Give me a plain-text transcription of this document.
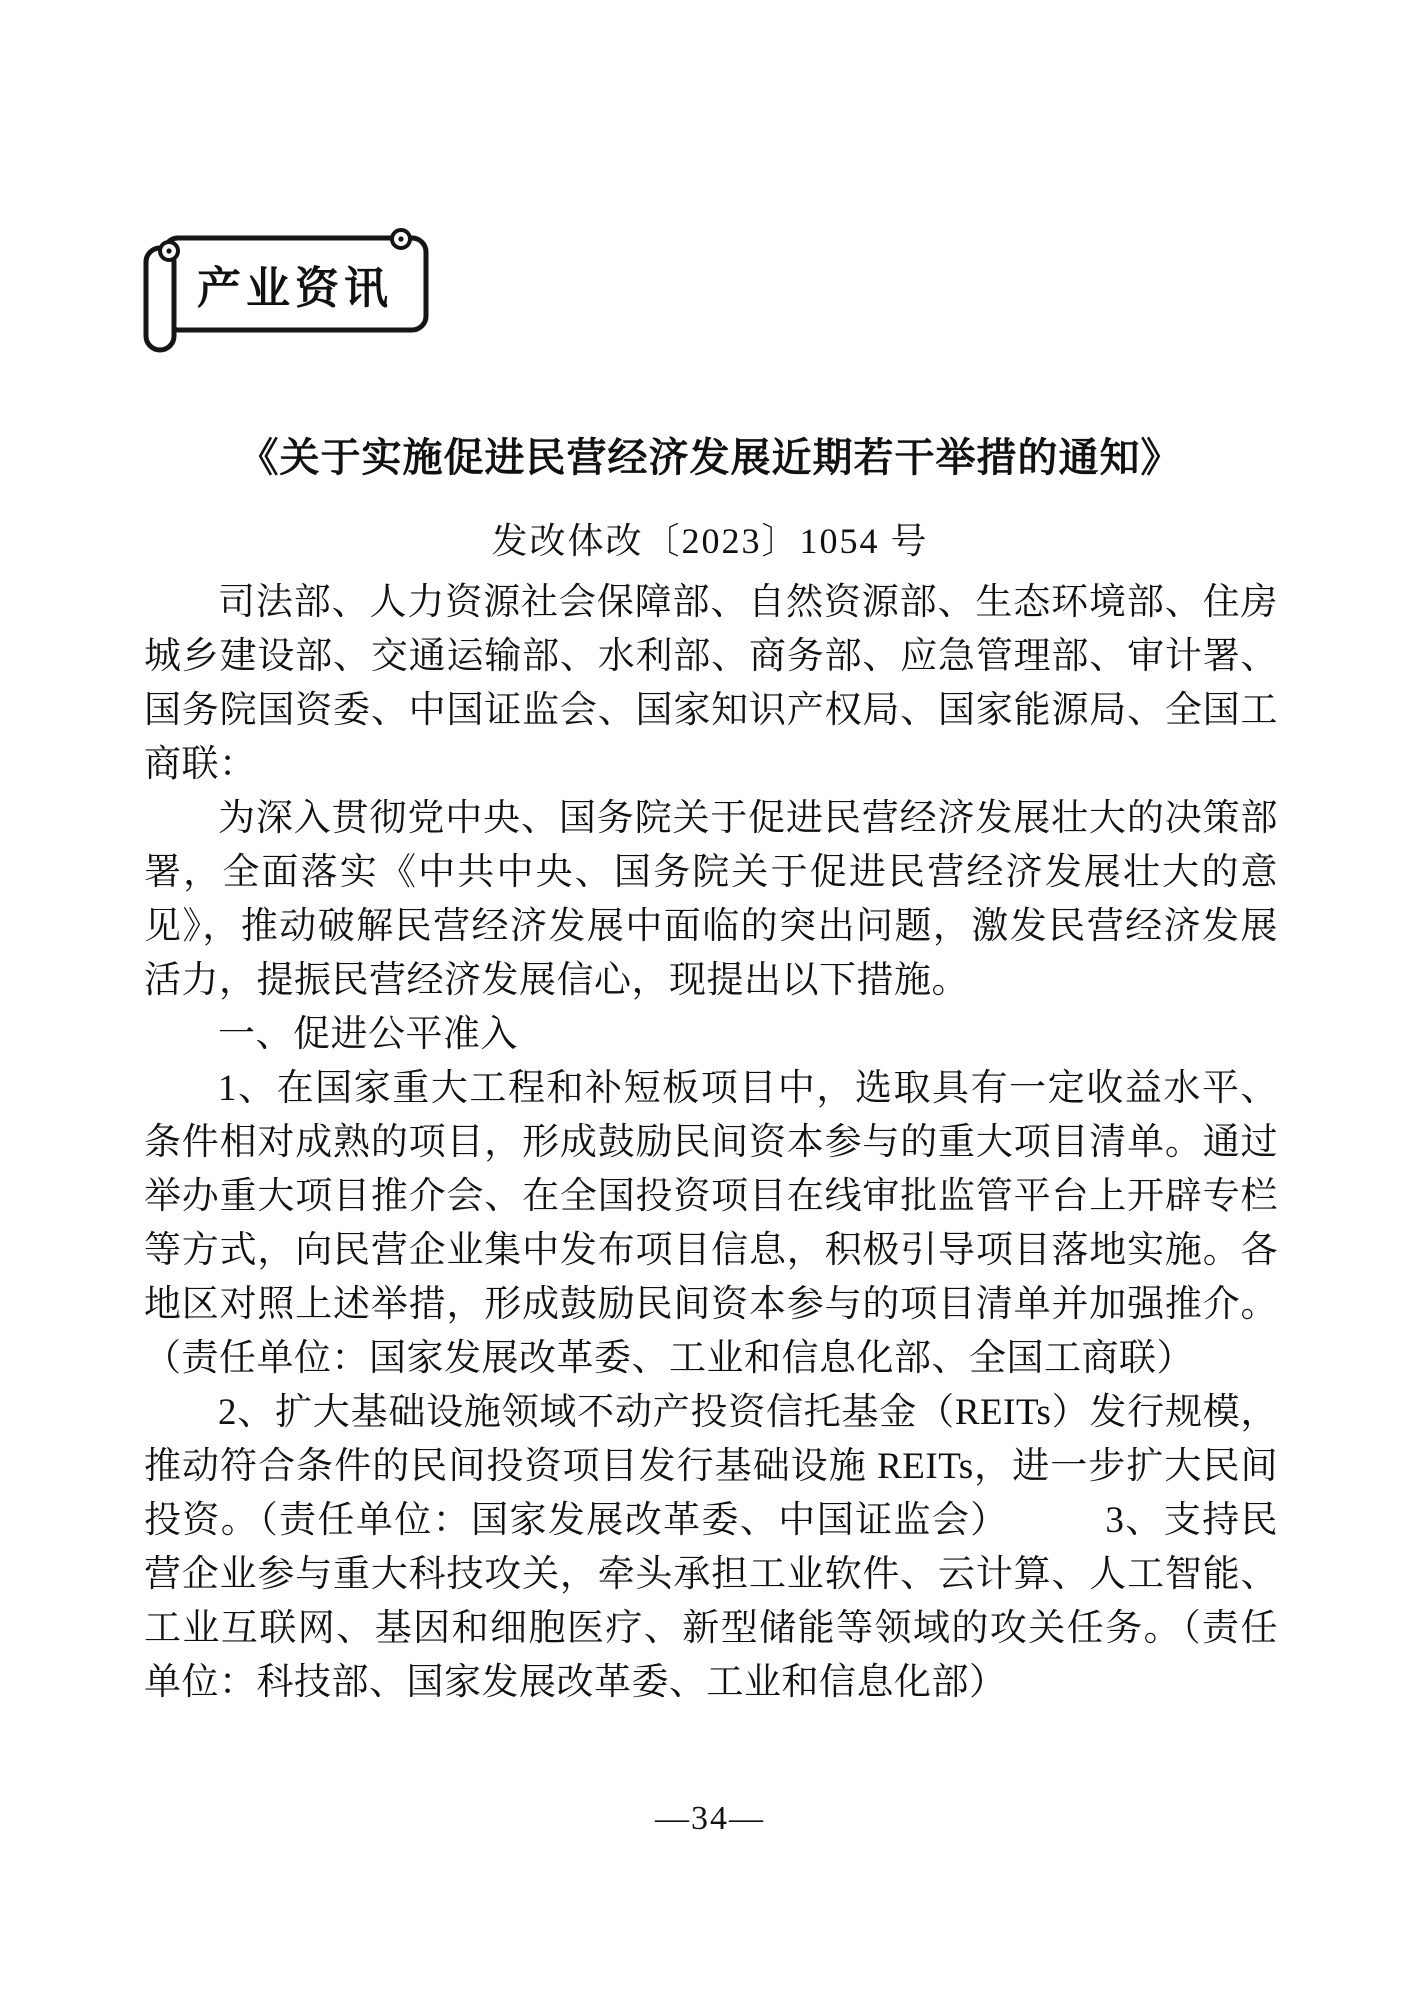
产业资讯
《关于实施促进民营经济发展近期若干举措的通知》
发改体改〔2023〕1054 号

司法部、人力资源社会保障部、自然资源部、生态环境部、住房城乡建设部、交通运输部、水利部、商务部、应急管理部、审计署、国务院国资委、中国证监会、国家知识产权局、国家能源局、全国工商联：

为深入贯彻党中央、国务院关于促进民营经济发展壮大的决策部署，全面落实《中共中央、国务院关于促进民营经济发展壮大的意见》，推动破解民营经济发展中面临的突出问题，激发民营经济发展活力，提振民营经济发展信心，现提出以下措施。

一、促进公平准入

1、在国家重大工程和补短板项目中，选取具有一定收益水平、条件相对成熟的项目，形成鼓励民间资本参与的重大项目清单。通过举办重大项目推介会、在全国投资项目在线审批监管平台上开辟专栏等方式，向民营企业集中发布项目信息，积极引导项目落地实施。各地区对照上述举措，形成鼓励民间资本参与的项目清单并加强推介。（责任单位：国家发展改革委、工业和信息化部、全国工商联）

2、扩大基础设施领域不动产投资信托基金（REITs）发行规模，推动符合条件的民间投资项目发行基础设施 REITs，进一步扩大民间投资。（责任单位：国家发展改革委、中国证监会）　　　3、支持民营企业参与重大科技攻关，牵头承担工业软件、云计算、人工智能、工业互联网、基因和细胞医疗、新型储能等领域的攻关任务。（责任单位：科技部、国家发展改革委、工业和信息化部）

—34—
